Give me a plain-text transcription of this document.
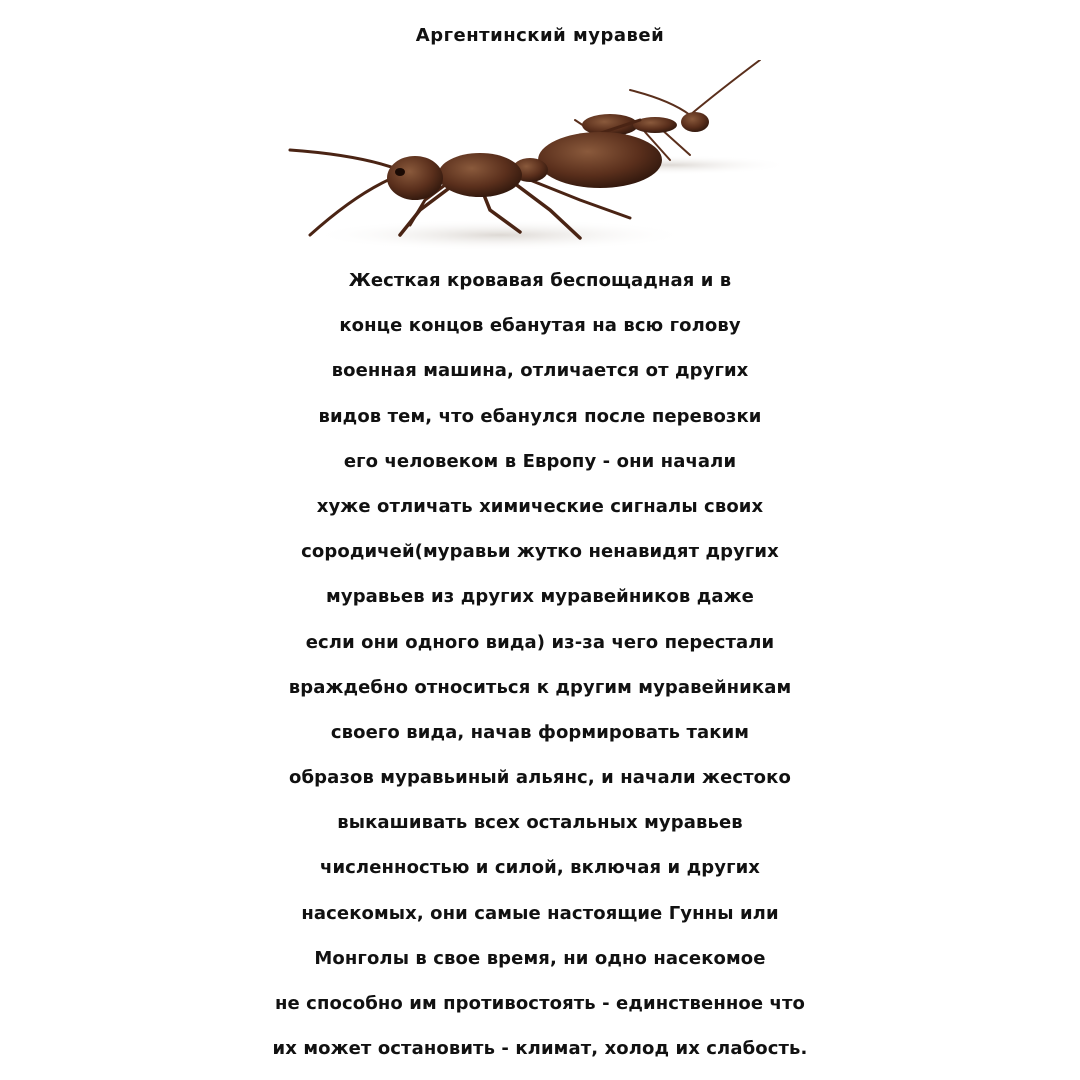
Аргентинский муравей
Жесткая кровавая беспощадная и в
конце концов ебанутая на всю голову
военная машина, отличается от других
видов тем, что ебанулся после перевозки
его человеком в Европу - они начали
хуже отличать химические сигналы своих
сородичей(муравьи жутко ненавидят других
муравьев из других муравейников даже
если они одного вида) из-за чего перестали
враждебно относиться к другим муравейникам
своего вида, начав формировать таким
образов муравьиный альянс, и начали жестоко
выкашивать всех остальных муравьев
численностью и силой, включая и других
насекомых, они самые настоящие Гунны или
Монголы в свое время, ни одно насекомое
не способно им противостоять - единственное что
их может остановить - климат, холод их слабость.
